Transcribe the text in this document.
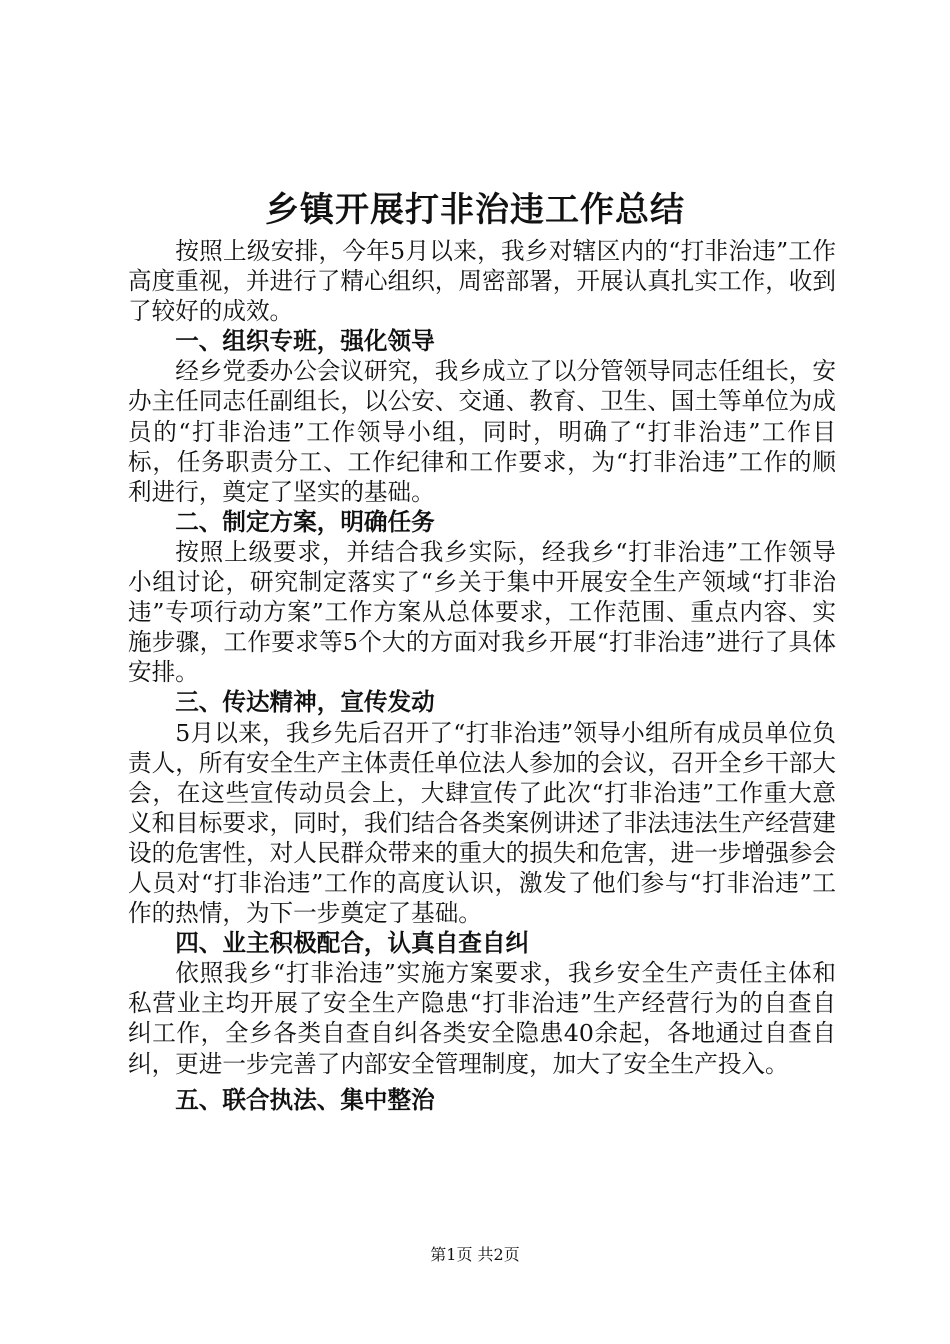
乡镇开展打非治违工作总结

按照上级安排，今年5月以来，我乡对辖区内的“打非治违”工作高度重视，并进行了精心组织，周密部署，开展认真扎实工作，收到了较好的成效。

一、组织专班，强化领导

经乡党委办公会议研究，我乡成立了以分管领导同志任组长，安办主任同志任副组长，以公安、交通、教育、卫生、国土等单位为成员的“打非治违”工作领导小组，同时，明确了“打非治违”工作目标，任务职责分工、工作纪律和工作要求，为“打非治违”工作的顺利进行，奠定了坚实的基础。

二、制定方案，明确任务

按照上级要求，并结合我乡实际，经我乡“打非治违”工作领导小组讨论，研究制定落实了“乡关于集中开展安全生产领域“打非治违”专项行动方案”工作方案从总体要求，工作范围、重点内容、实施步骤，工作要求等5个大的方面对我乡开展“打非治违”进行了具体安排。

三、传达精神，宣传发动

5月以来，我乡先后召开了“打非治违”领导小组所有成员单位负责人，所有安全生产主体责任单位法人参加的会议，召开全乡干部大会，在这些宣传动员会上，大肆宣传了此次“打非治违”工作重大意义和目标要求，同时，我们结合各类案例讲述了非法违法生产经营建设的危害性，对人民群众带来的重大的损失和危害，进一步增强参会人员对“打非治违”工作的高度认识，激发了他们参与“打非治违”工作的热情，为下一步奠定了基础。

四、业主积极配合，认真自查自纠

依照我乡“打非治违”实施方案要求，我乡安全生产责任主体和私营业主均开展了安全生产隐患“打非治违”生产经营行为的自查自纠工作，全乡各类自查自纠各类安全隐患40余起，各地通过自查自纠，更进一步完善了内部安全管理制度，加大了安全生产投入。

五、联合执法、集中整治
第1页 共2页
